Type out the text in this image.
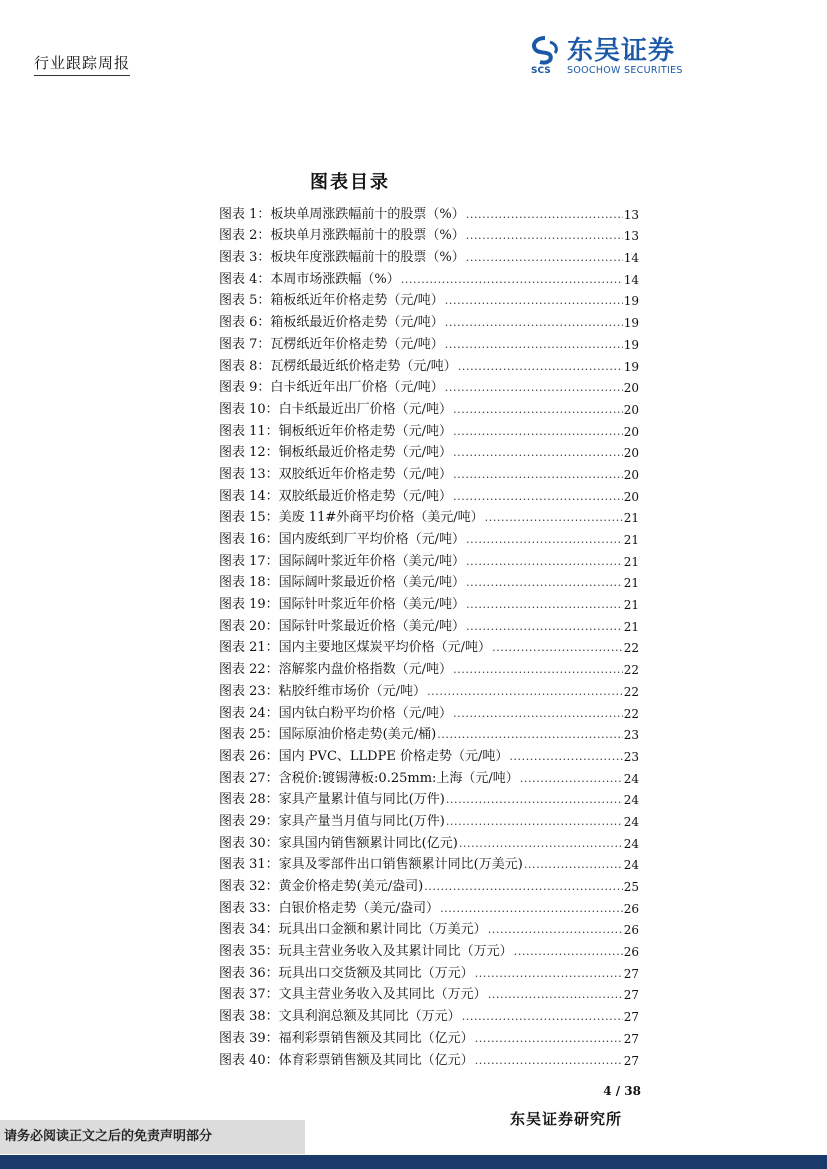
行业跟踪周报	SCS
东吴证券
SOOCHOW SECURITIES
图表目录
图表 1：板块单周涨跌幅前十的股票（%） .....	13
图表 2：板块单月涨跌幅前十的股票（%） .....	13
图表 3：板块年度涨跌幅前十的股票（%） .....	14
图表 4：本周市场涨跌幅（%） .....	14
图表 5：箱板纸近年价格走势（元/吨） .....	19
图表 6：箱板纸最近价格走势（元/吨） .....	19
图表 7：瓦楞纸近年价格走势（元/吨） .....	19
图表 8：瓦楞纸最近纸价格走势（元/吨） .....	19
图表 9：白卡纸近年出厂价格（元/吨） .....	20
图表 10：白卡纸最近出厂价格（元/吨） .....	20
图表 11：铜板纸近年价格走势（元/吨） .....	20
图表 12：铜板纸最近价格走势（元/吨） .....	20
图表 13：双胶纸近年价格走势（元/吨） .....	20
图表 14：双胶纸最近价格走势（元/吨） .....	20
图表 15：美废 11#外商平均价格（美元/吨） .....	21
图表 16：国内废纸到厂平均价格（元/吨） .....	21
图表 17：国际阔叶浆近年价格（美元/吨） .....	21
图表 18：国际阔叶浆最近价格（美元/吨） .....	21
图表 19：国际针叶浆近年价格（美元/吨） .....	21
图表 20：国际针叶浆最近价格（美元/吨） .....	21
图表 21：国内主要地区煤炭平均价格（元/吨） .....	22
图表 22：溶解浆内盘价格指数（元/吨） .....	22
图表 23：粘胶纤维市场价（元/吨） .....	22
图表 24：国内钛白粉平均价格（元/吨） .....	22
图表 25：国际原油价格走势(美元/桶) .....	23
图表 26：国内 PVC、LLDPE 价格走势（元/吨） .....	23
图表 27：含税价:镀锡薄板:0.25mm:上海（元/吨） .....	24
图表 28：家具产量累计值与同比(万件) .....	24
图表 29：家具产量当月值与同比(万件) .....	24
图表 30：家具国内销售额累计同比(亿元) .....	24
图表 31：家具及零部件出口销售额累计同比(万美元) .....	24
图表 32：黄金价格走势(美元/盎司) .....	25
图表 33：白银价格走势（美元/盎司） .....	26
图表 34：玩具出口金额和累计同比（万美元） .....	26
图表 35：玩具主营业务收入及其累计同比（万元） .....	26
图表 36：玩具出口交货额及其同比（万元） .....	27
图表 37：文具主营业务收入及其同比（万元） .....	27
图表 38：文具利润总额及其同比（万元） .....	27
图表 39：福利彩票销售额及其同比（亿元） .....	27
图表 40：体育彩票销售额及其同比（亿元） .....	27
4 / 38
东吴证券研究所
请务必阅读正文之后的免责声明部分
